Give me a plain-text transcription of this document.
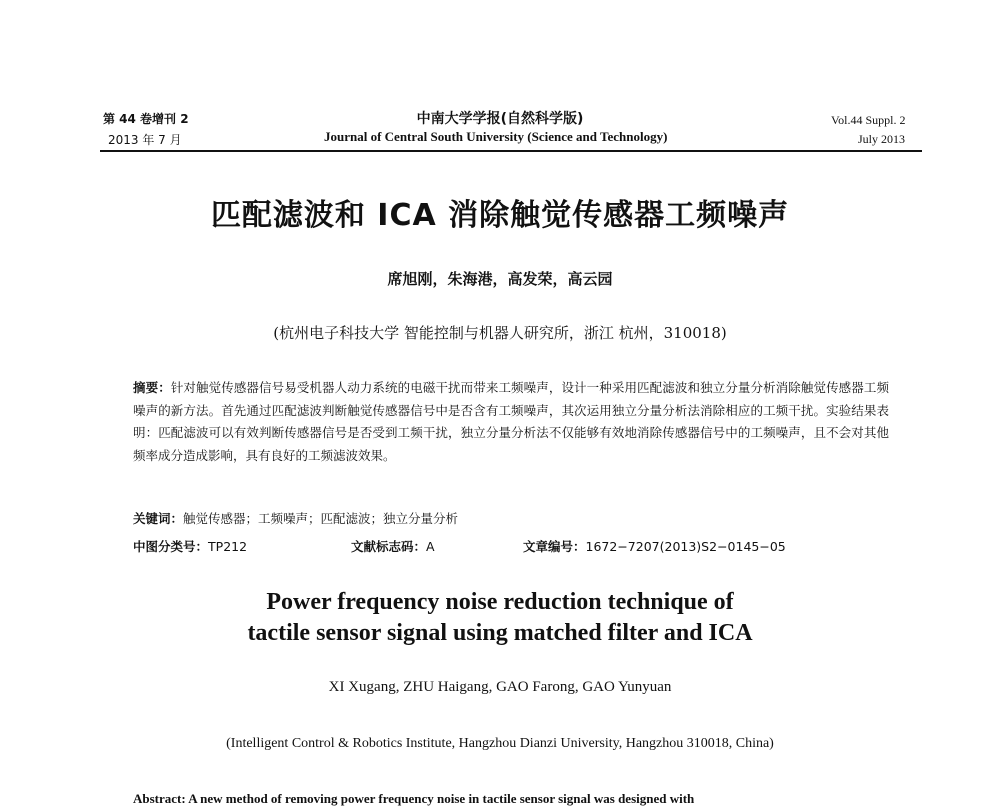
第 44 卷增刊 2
2013 年 7 月
中南大学学报(自然科学版)
Journal of Central South University (Science and Technology)
Vol.44 Suppl. 2
July 2013
匹配滤波和 ICA 消除触觉传感器工频噪声
席旭刚，朱海港，高发荣，高云园
(杭州电子科技大学 智能控制与机器人研究所，浙江 杭州，310018)
摘要：针对触觉传感器信号易受机器人动力系统的电磁干扰而带来工频噪声，设计一种采用匹配滤波和独立分量分析消除触觉传感器工频噪声的新方法。首先通过匹配滤波判断触觉传感器信号中是否含有工频噪声，其次运用独立分量分析法消除相应的工频干扰。实验结果表明：匹配滤波可以有效判断传感器信号是否受到工频干扰，独立分量分析法不仅能够有效地消除传感器信号中的工频噪声，且不会对其他频率成分造成影响，具有良好的工频滤波效果。
关键词：触觉传感器；工频噪声；匹配滤波；独立分量分析
中图分类号：TP212	文献标志码：A	文章编号：1672−7207(2013)S2−0145−05
Power frequency noise reduction technique of
tactile sensor signal using matched filter and ICA
XI Xugang, ZHU Haigang, GAO Farong, GAO Yunyuan
(Intelligent Control & Robotics Institute, Hangzhou Dianzi University, Hangzhou 310018, China)
Abstract: A new method of removing power frequency noise in tactile sensor signal was designed with
